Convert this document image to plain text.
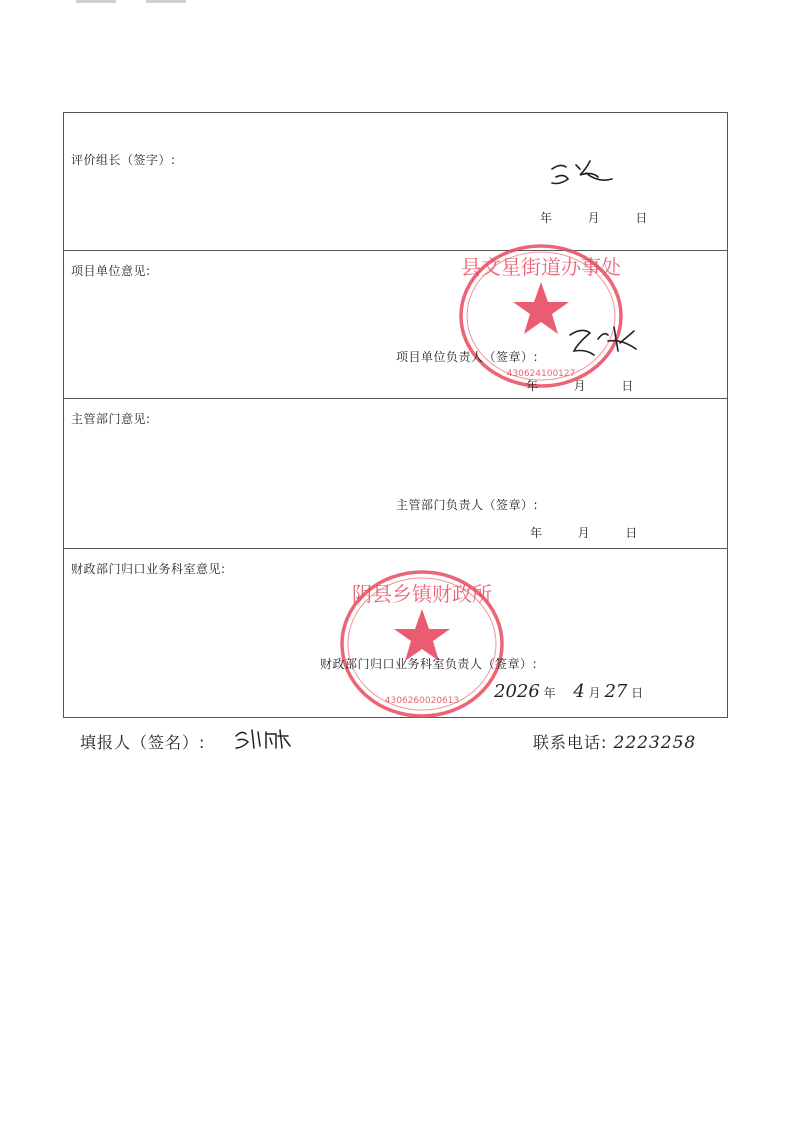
评价组长（签字）:
年	月	日
项目单位意见:	县文星街道办事处
430624100127
项目单位负责人（签章）:
年	月	日
主管部门意见:
主管部门负责人（签章）:
年	月	日
财政部门归口业务科室意见:
阴县乡镇财政所
4306260020613
财政部门归口业务科室负责人（签章）:
2026 年 4 月 27 日
填报人（签名）:	联系电话: 2223258
